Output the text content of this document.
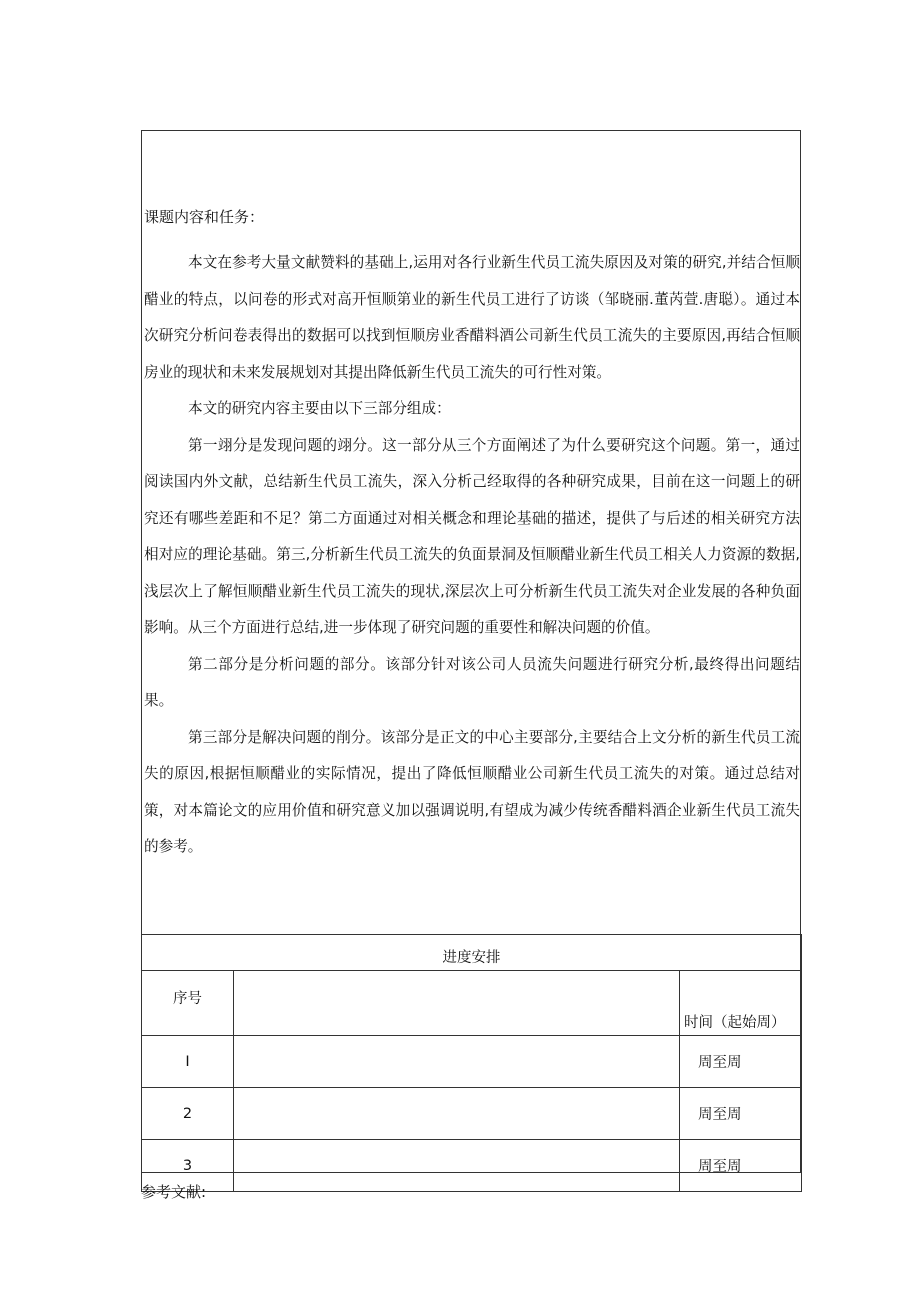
课题内容和任务：

本文在参考大量文献赞料的基础上,运用对各行业新生代员工流失原因及对策的研究,并结合恒顺醋业的特点，以问卷的形式对高开恒顺第业的新生代员工进行了访谈（邹晓丽.董芮萱.唐聪）。通过本次研究分析问卷表得出的数据可以找到恒顺房业香醋料酒公司新生代员工流失的主要原因,再结合恒顺房业的现状和未来发展规划对其提出降低新生代员工流失的可行性对策。

本文的研究内容主要由以下三部分组成：

第一翊分是发现问题的翊分。这一部分从三个方面阐述了为什么要研究这个问题。第一，通过阅读国内外文献，总结新生代员工流失，深入分析己经取得的各种研究成果，目前在这一问题上的研究还有哪些差距和不足？第二方面通过对相关概念和理论基础的描述，提供了与后述的相关研究方法相对应的理论基础。第三,分析新生代员工流失的负面景洞及恒顺醋业新生代员工相关人力资源的数据,浅层次上了解恒顺醋业新生代员工流失的现状,深层次上可分析新生代员工流失对企业发展的各种负面影响。从三个方面进行总结,进一步体现了研究问题的重要性和解决问题的价值。

第二部分是分析问题的部分。该部分针对该公司人员流失问题进行研究分析,最终得出问题结果。

第三部分是解决问题的削分。该部分是正文的中心主要部分,主要结合上文分析的新生代员工流失的原因,根据恒顺醋业的实际情况，提出了降低恒顺醋业公司新生代员工流失的对策。通过总结对策，对本篇论文的应用价值和研究意义加以强调说明,有望成为减少传统香醋料酒企业新生代员工流失的参考。

进度安排		
序号		时间（起始周）
I		周至周
2		周至周
3		周至周
参考文献:
